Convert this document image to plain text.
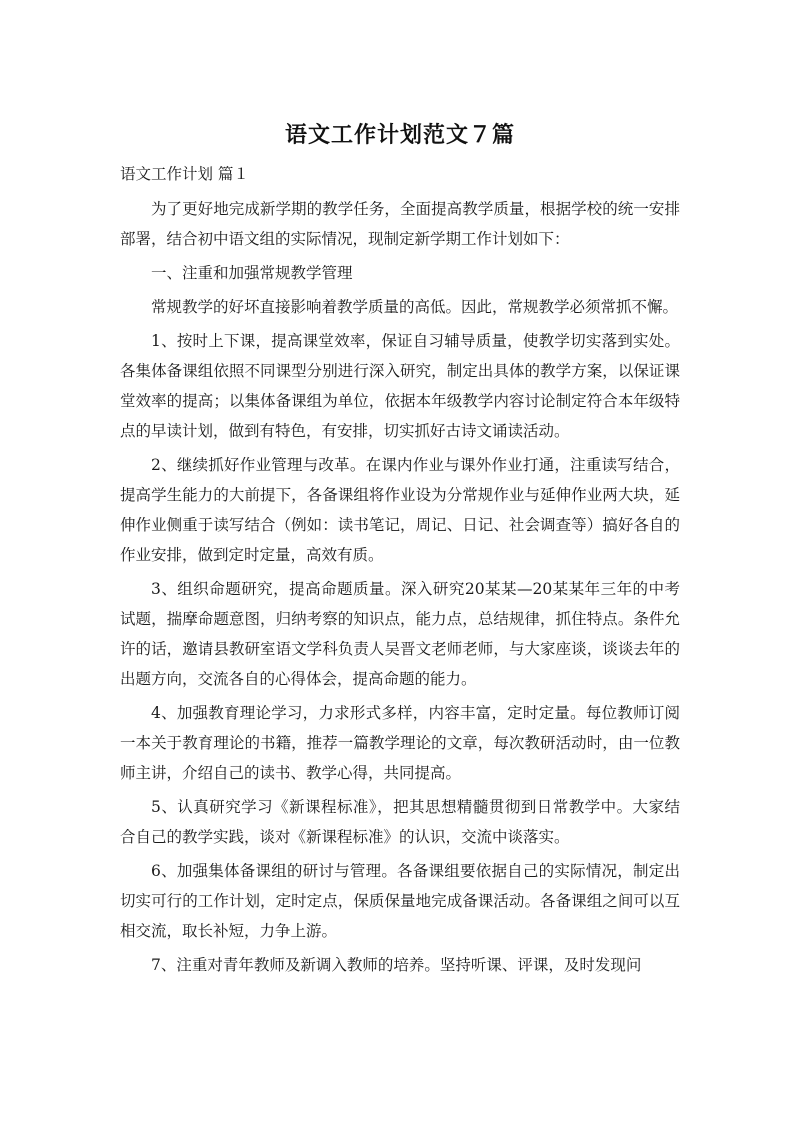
语文工作计划范文７篇
语文工作计划 篇１

为了更好地完成新学期的教学任务，全面提高教学质量，根据学校的统一安排部署，结合初中语文组的实际情况，现制定新学期工作计划如下：

一、注重和加强常规教学管理

常规教学的好坏直接影响着教学质量的高低。因此，常规教学必须常抓不懈。

1、按时上下课，提高课堂效率，保证自习辅导质量，使教学切实落到实处。各集体备课组依照不同课型分别进行深入研究，制定出具体的教学方案，以保证课堂效率的提高；以集体备课组为单位，依据本年级教学内容讨论制定符合本年级特点的早读计划，做到有特色，有安排，切实抓好古诗文诵读活动。

2、继续抓好作业管理与改革。在课内作业与课外作业打通，注重读写结合，提高学生能力的大前提下，各备课组将作业设为分常规作业与延伸作业两大块，延伸作业侧重于读写结合（例如：读书笔记，周记、日记、社会调查等）搞好各自的作业安排，做到定时定量，高效有质。

3、组织命题研究，提高命题质量。深入研究20某某—20某某年三年的中考试题，揣摩命题意图，归纳考察的知识点，能力点，总结规律，抓住特点。条件允许的话，邀请县教研室语文学科负责人吴晋文老师老师，与大家座谈，谈谈去年的出题方向，交流各自的心得体会，提高命题的能力。

4、加强教育理论学习，力求形式多样，内容丰富，定时定量。每位教师订阅一本关于教育理论的书籍，推荐一篇教学理论的文章，每次教研活动时，由一位教师主讲，介绍自己的读书、教学心得，共同提高。

5、认真研究学习《新课程标准》，把其思想精髓贯彻到日常教学中。大家结合自己的教学实践，谈对《新课程标准》的认识，交流中谈落实。

6、加强集体备课组的研讨与管理。各备课组要依据自己的实际情况，制定出切实可行的工作计划，定时定点，保质保量地完成备课活动。各备课组之间可以互相交流，取长补短，力争上游。

7、注重对青年教师及新调入教师的培养。坚持听课、评课，及时发现问
